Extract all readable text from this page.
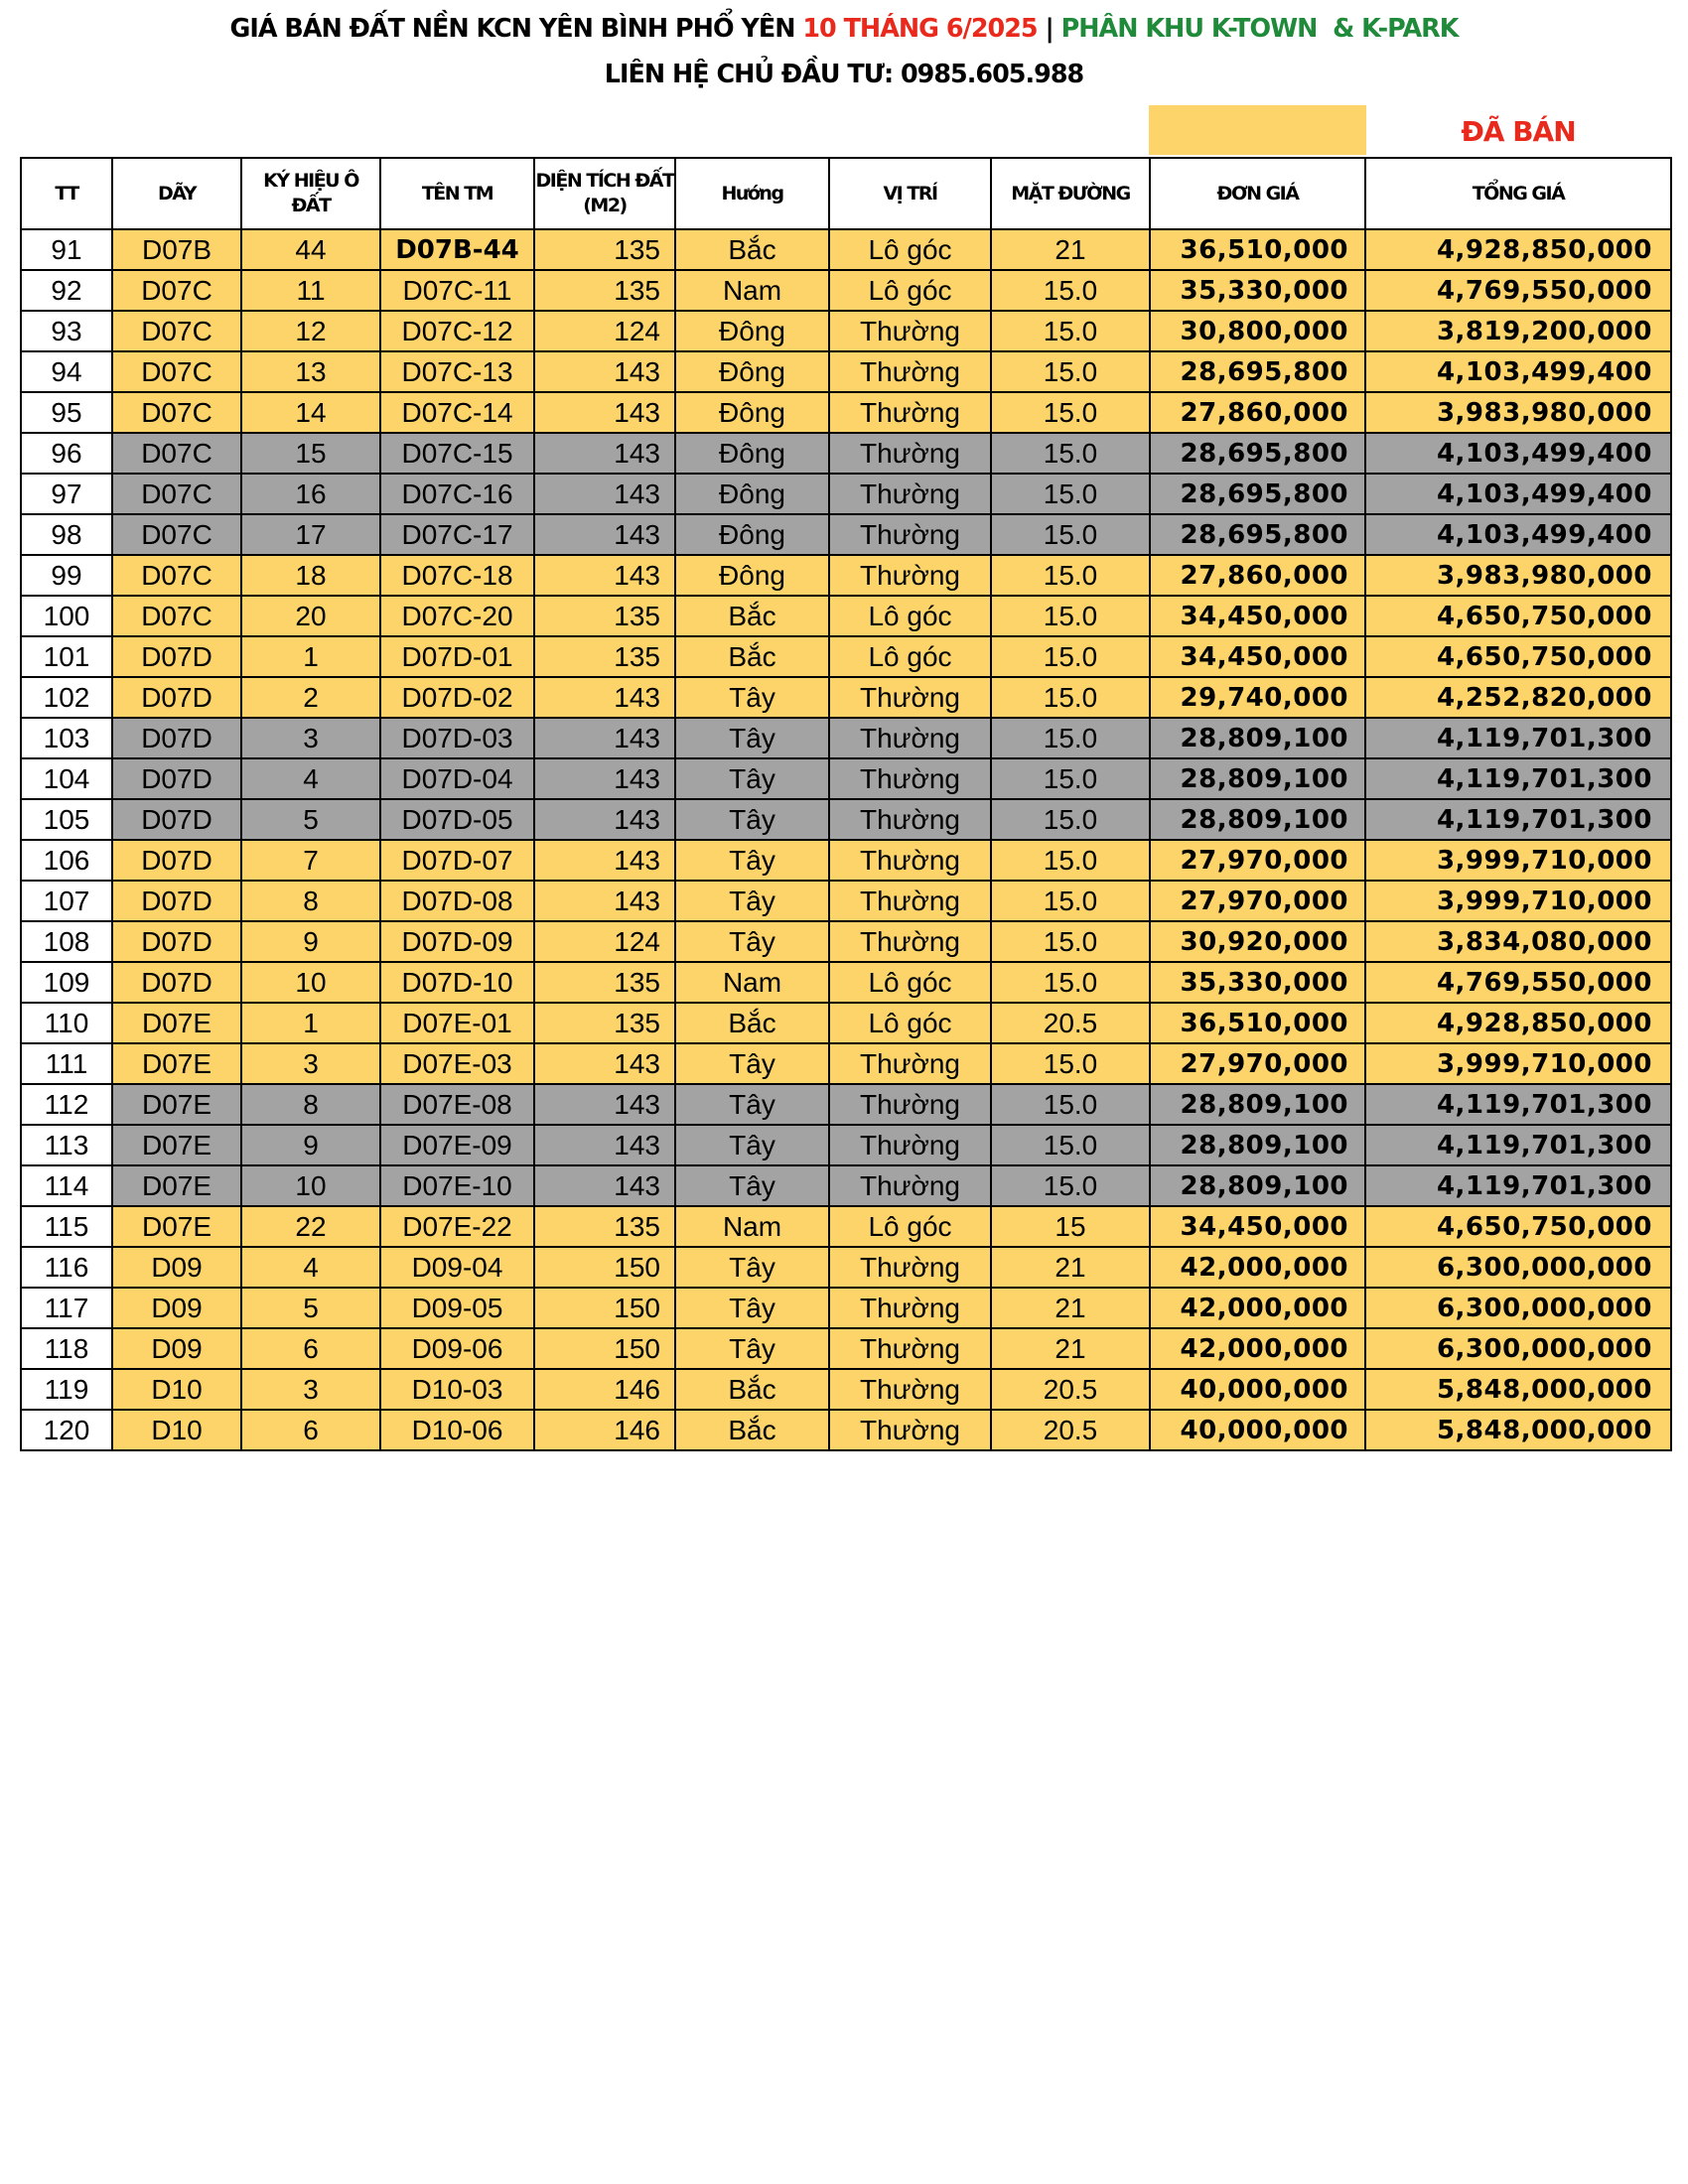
GIÁ BÁN ĐẤT NỀN KCN YÊN BÌNH PHỔ YÊN 10 THÁNG 6/2025 | PHÂN KHU K-TOWN  & K-PARK
LIÊN HỆ CHỦ ĐẦU TƯ: 0985.605.988
ĐÃ BÁN
TT	DÃY	KÝ HIỆU Ô ĐẤT	TÊN TM	DIỆN TÍCH ĐẤT (M2)	Hướng	VỊ TRÍ	MẶT ĐƯỜNG	ĐƠN GIÁ	TỔNG GIÁ
91	D07B	44	D07B-44	135	Bắc	Lô góc	21	36,510,000	4,928,850,000
92	D07C	11	D07C-11	135	Nam	Lô góc	15.0	35,330,000	4,769,550,000
93	D07C	12	D07C-12	124	Đông	Thường	15.0	30,800,000	3,819,200,000
94	D07C	13	D07C-13	143	Đông	Thường	15.0	28,695,800	4,103,499,400
95	D07C	14	D07C-14	143	Đông	Thường	15.0	27,860,000	3,983,980,000
96	D07C	15	D07C-15	143	Đông	Thường	15.0	28,695,800	4,103,499,400
97	D07C	16	D07C-16	143	Đông	Thường	15.0	28,695,800	4,103,499,400
98	D07C	17	D07C-17	143	Đông	Thường	15.0	28,695,800	4,103,499,400
99	D07C	18	D07C-18	143	Đông	Thường	15.0	27,860,000	3,983,980,000
100	D07C	20	D07C-20	135	Bắc	Lô góc	15.0	34,450,000	4,650,750,000
101	D07D	1	D07D-01	135	Bắc	Lô góc	15.0	34,450,000	4,650,750,000
102	D07D	2	D07D-02	143	Tây	Thường	15.0	29,740,000	4,252,820,000
103	D07D	3	D07D-03	143	Tây	Thường	15.0	28,809,100	4,119,701,300
104	D07D	4	D07D-04	143	Tây	Thường	15.0	28,809,100	4,119,701,300
105	D07D	5	D07D-05	143	Tây	Thường	15.0	28,809,100	4,119,701,300
106	D07D	7	D07D-07	143	Tây	Thường	15.0	27,970,000	3,999,710,000
107	D07D	8	D07D-08	143	Tây	Thường	15.0	27,970,000	3,999,710,000
108	D07D	9	D07D-09	124	Tây	Thường	15.0	30,920,000	3,834,080,000
109	D07D	10	D07D-10	135	Nam	Lô góc	15.0	35,330,000	4,769,550,000
110	D07E	1	D07E-01	135	Bắc	Lô góc	20.5	36,510,000	4,928,850,000
111	D07E	3	D07E-03	143	Tây	Thường	15.0	27,970,000	3,999,710,000
112	D07E	8	D07E-08	143	Tây	Thường	15.0	28,809,100	4,119,701,300
113	D07E	9	D07E-09	143	Tây	Thường	15.0	28,809,100	4,119,701,300
114	D07E	10	D07E-10	143	Tây	Thường	15.0	28,809,100	4,119,701,300
115	D07E	22	D07E-22	135	Nam	Lô góc	15	34,450,000	4,650,750,000
116	D09	4	D09-04	150	Tây	Thường	21	42,000,000	6,300,000,000
117	D09	5	D09-05	150	Tây	Thường	21	42,000,000	6,300,000,000
118	D09	6	D09-06	150	Tây	Thường	21	42,000,000	6,300,000,000
119	D10	3	D10-03	146	Bắc	Thường	20.5	40,000,000	5,848,000,000
120	D10	6	D10-06	146	Bắc	Thường	20.5	40,000,000	5,848,000,000
